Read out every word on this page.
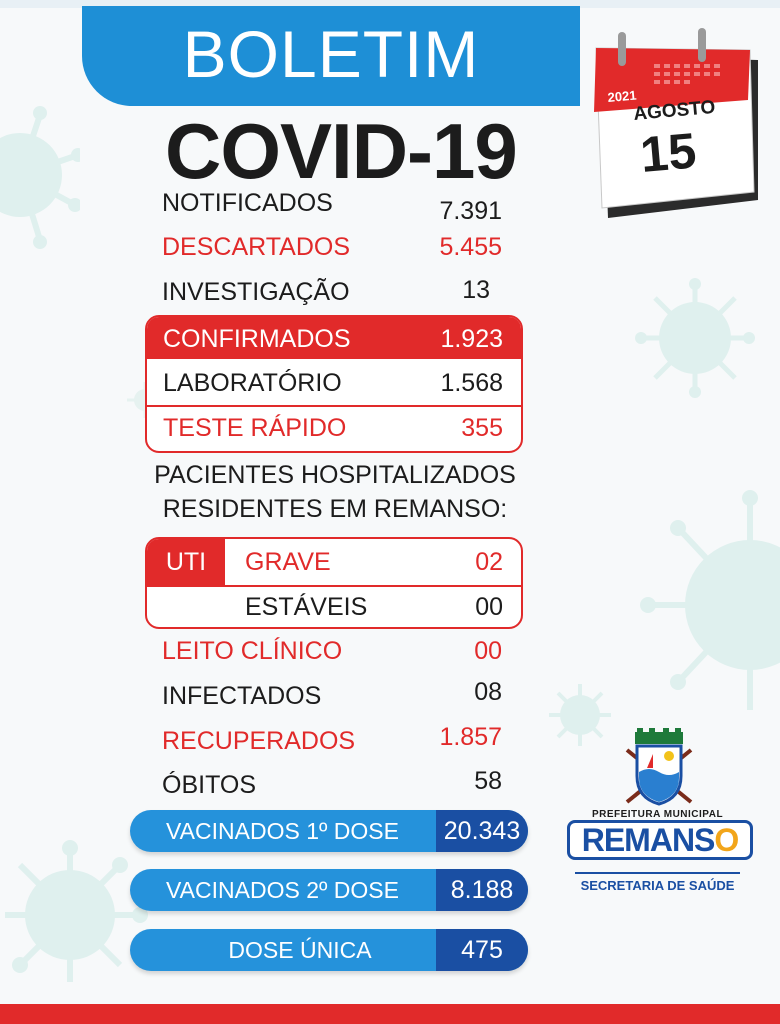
BOLETIM
COVID-19
2021
AGOSTO
15
NOTIFICADOS	7.391
DESCARTADOS	5.455
INVESTIGAÇÃO	13
CONFIRMADOS	1.923
LABORATÓRIO	1.568
TESTE RÁPIDO	355
PACIENTES HOSPITALIZADOS
RESIDENTES EM REMANSO:
UTI	GRAVE	02
ESTÁVEIS	00
LEITO CLÍNICO	00
INFECTADOS	08
RECUPERADOS	1.857
ÓBITOS	58
VACINADOS 1º DOSE	20.343
VACINADOS 2º DOSE	8.188
DOSE ÚNICA	475
PREFEITURA MUNICIPAL
REMANSO
SECRETARIA DE SAÚDE
